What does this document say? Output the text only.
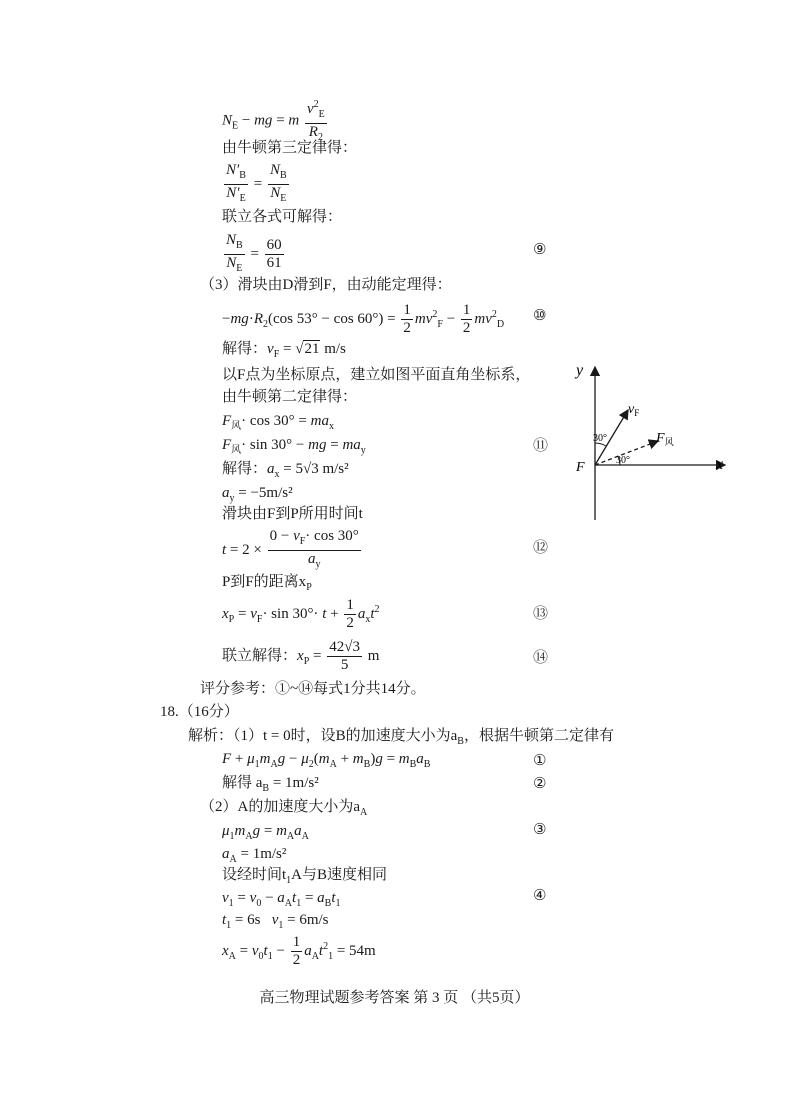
$N_E$ − mg = m $\frac{v^2_E}{R_2}$
由牛顿第三定律得：
$\frac{N'_B}{N'_E} = \frac{N_B}{N_E}$
联立各式可解得：
$\frac{N_B}{N_E} = \frac{60}{61}$	⑨
（3）滑块由D滑到F，由动能定理得：
$-mg\cdot R_2(\cos$ $53^\circ - \cos 60^\circ) = \frac{1}{2} mv^2_F - \frac{1}{2} mv^2_D$
⑩
解得：$v_F = √21$ m/s
以F点为坐标原点，建立如图平面直角坐标系，
由牛顿第二定律得：
$F_风\cdot \cos 30^\circ = ma_x$
$F_风\cdot \sin 30^\circ$ − mg = $ma_y$	⑪
解得：$a_x = 5√3$ m/s²
$a_y = -5m/s^2$
滑块由F到P所用时间t
$t = 2 \times \frac{0 - v_F\cdot \cos 30^\circ}{a_y}$	⑫
P到F的距离$x_P$
$x_P = v_F\cdot \sin 30^\circ\cdot t + \frac{1}{2} a_xt^2$	⑬
联立解得：$x_P = \frac{42√3}{5}$ m	⑭
评分参考：①~⑭每式1分共14分。
18.（16分）
解析：（1）t = 0时，设B的加速度大小为$a_B$，根据牛顿第二定律有
$F + \mu_1m_Ag - \mu_2(m_A + m_B)g = m_Ba_B$	①
解得 $a_B = 1m/s^2$	②
（2）A的加速度大小为$a_A$
$\mu_1m_Ag = m_Aa_A$	③
$a_A = 1m/s^2$
设经时间$t_1A$与B速度相同
$v_1 = v_0 - a_At_1 = a_Bt_1$	④
$t_1 = 6s$ $v_1 = 6m/s$
$x_A = v_0t_1 - \frac{1}{2} a_At^2_1 = 54m$
y
x
F
$v_F$
$F_风$
30°
30°
高三物理试题参考答案 第 3 页 （共5页）
